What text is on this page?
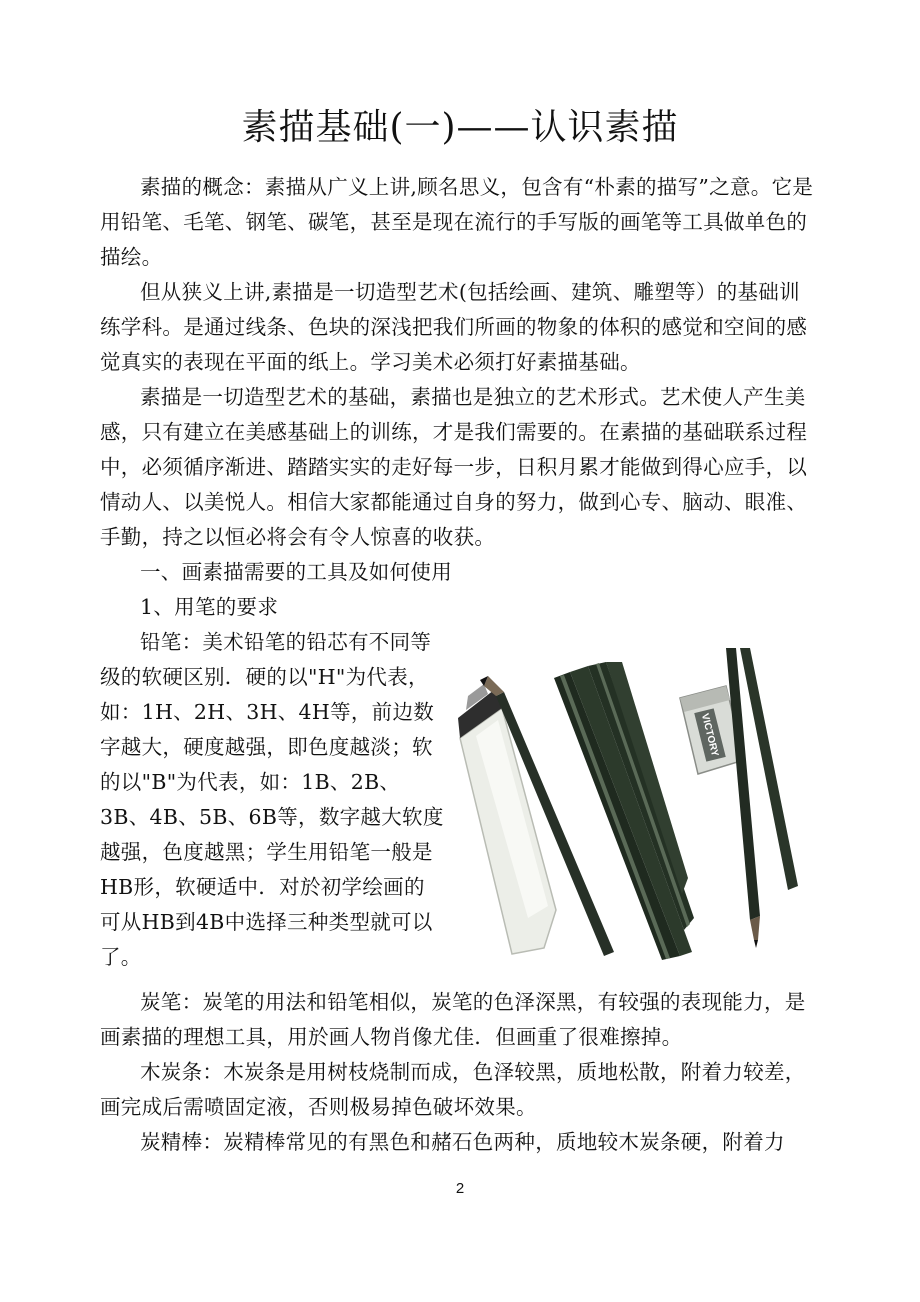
素描基础(一)——认识素描

素描的概念：素描从广义上讲,顾名思义，包含有“朴素的描写”之意。它是用铅笔、毛笔、钢笔、碳笔，甚至是现在流行的手写版的画笔等工具做单色的描绘。

但从狭义上讲,素描是一切造型艺术(包括绘画、建筑、雕塑等）的基础训练学科。是通过线条、色块的深浅把我们所画的物象的体积的感觉和空间的感觉真实的表现在平面的纸上。学习美术必须打好素描基础。

素描是一切造型艺术的基础，素描也是独立的艺术形式。艺术使人产生美感，只有建立在美感基础上的训练，才是我们需要的。在素描的基础联系过程中，必须循序渐进、踏踏实实的走好每一步，日积月累才能做到得心应手，以情动人、以美悦人。相信大家都能通过自身的努力，做到心专、脑动、眼准、手勤，持之以恒必将会有令人惊喜的收获。

一、画素描需要的工具及如何使用

1、用笔的要求

铅笔：美术铅笔的铅芯有不同等级的软硬区别．硬的以"H"为代表，如：1H、2H、3H、4H等，前边数字越大，硬度越强，即色度越淡；软的以"B"为代表，如：1B、2B、3B、4B、5B、6B等，数字越大软度越强，色度越黑；学生用铅笔一般是HB形，软硬适中．对於初学绘画的可从HB到4B中选择三种类型就可以了。

VICTORY

炭笔：炭笔的用法和铅笔相似，炭笔的色泽深黑，有较强的表现能力，是画素描的理想工具，用於画人物肖像尤佳．但画重了很难擦掉。

木炭条：木炭条是用树枝烧制而成，色泽较黑，质地松散，附着力较差，画完成后需喷固定液，否则极易掉色破坏效果。

炭精棒：炭精棒常见的有黑色和赭石色两种，质地较木炭条硬，附着力

2
